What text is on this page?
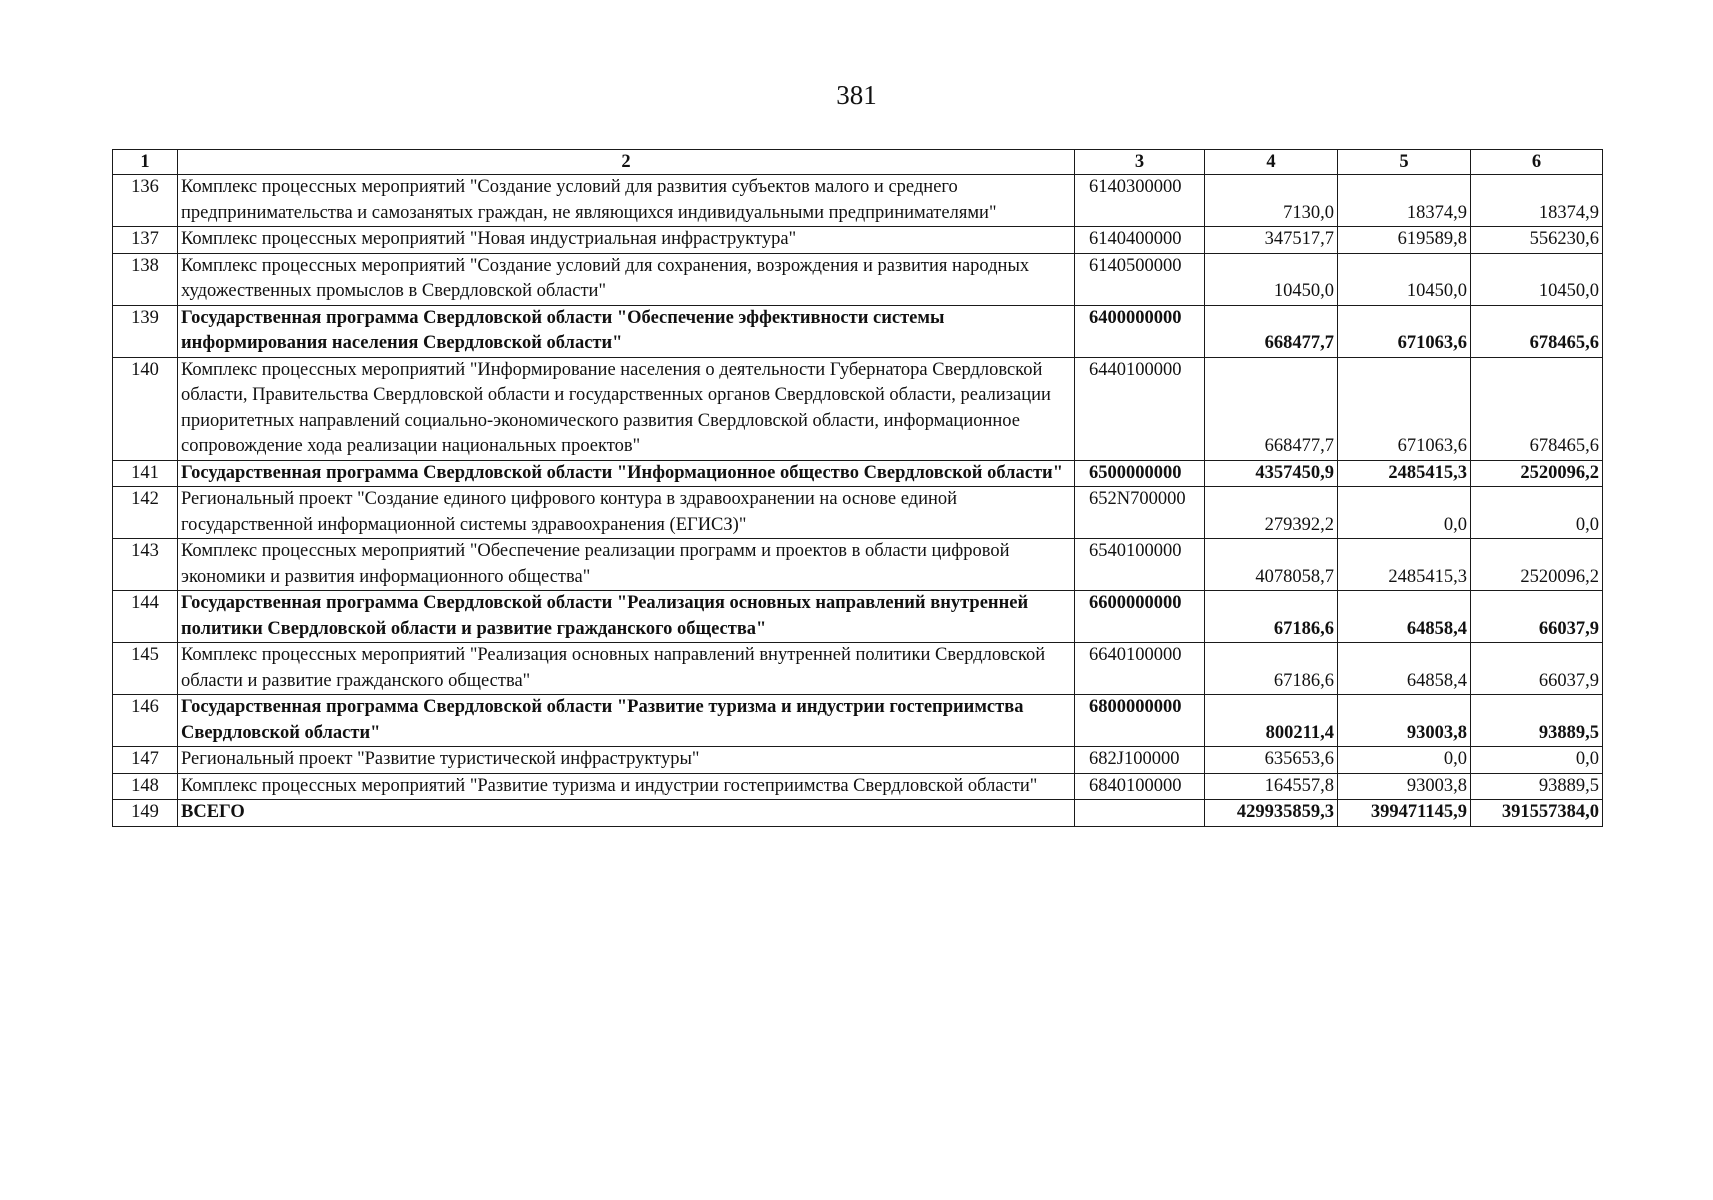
381
1	2	3	4	5	6
136	Комплекс процессных мероприятий "Создание условий для развития субъектов малого и среднего предпринимательства и самозанятых граждан, не являющихся индивидуальными предпринимателями"	6140300000	7130,0	18374,9	18374,9
137	Комплекс процессных мероприятий "Новая индустриальная инфраструктура"	6140400000	347517,7	619589,8	556230,6
138	Комплекс процессных мероприятий "Создание условий для сохранения, возрождения и развития народных художественных промыслов в Свердловской области"	6140500000	10450,0	10450,0	10450,0
139	Государственная программа Свердловской области "Обеспечение эффективности системы информирования населения Свердловской области"	6400000000	668477,7	671063,6	678465,6
140	Комплекс процессных мероприятий "Информирование населения о деятельности Губернатора Свердловской области, Правительства Свердловской области и государственных органов Свердловской области, реализации приоритетных направлений социально-экономического развития Свердловской области, информационное сопровождение хода реализации национальных проектов"	6440100000	668477,7	671063,6	678465,6
141	Государственная программа Свердловской области "Информационное общество Свердловской области"	6500000000	4357450,9	2485415,3	2520096,2
142	Региональный проект "Создание единого цифрового контура в здравоохранении на основе единой государственной информационной системы здравоохранения (ЕГИСЗ)"	652N700000	279392,2	0,0	0,0
143	Комплекс процессных мероприятий "Обеспечение реализации программ и проектов в области цифровой экономики и развития информационного общества"	6540100000	4078058,7	2485415,3	2520096,2
144	Государственная программа Свердловской области "Реализация основных направлений внутренней политики Свердловской области и развитие гражданского общества"	6600000000	67186,6	64858,4	66037,9
145	Комплекс процессных мероприятий "Реализация основных направлений внутренней политики Свердловской области и развитие гражданского общества"	6640100000	67186,6	64858,4	66037,9
146	Государственная программа Свердловской области "Развитие туризма и индустрии гостеприимства Свердловской области"	6800000000	800211,4	93003,8	93889,5
147	Региональный проект "Развитие туристической инфраструктуры"	682J100000	635653,6	0,0	0,0
148	Комплекс процессных мероприятий "Развитие туризма и индустрии гостеприимства Свердловской области"	6840100000	164557,8	93003,8	93889,5
149	ВСЕГО		429935859,3	399471145,9	391557384,0
